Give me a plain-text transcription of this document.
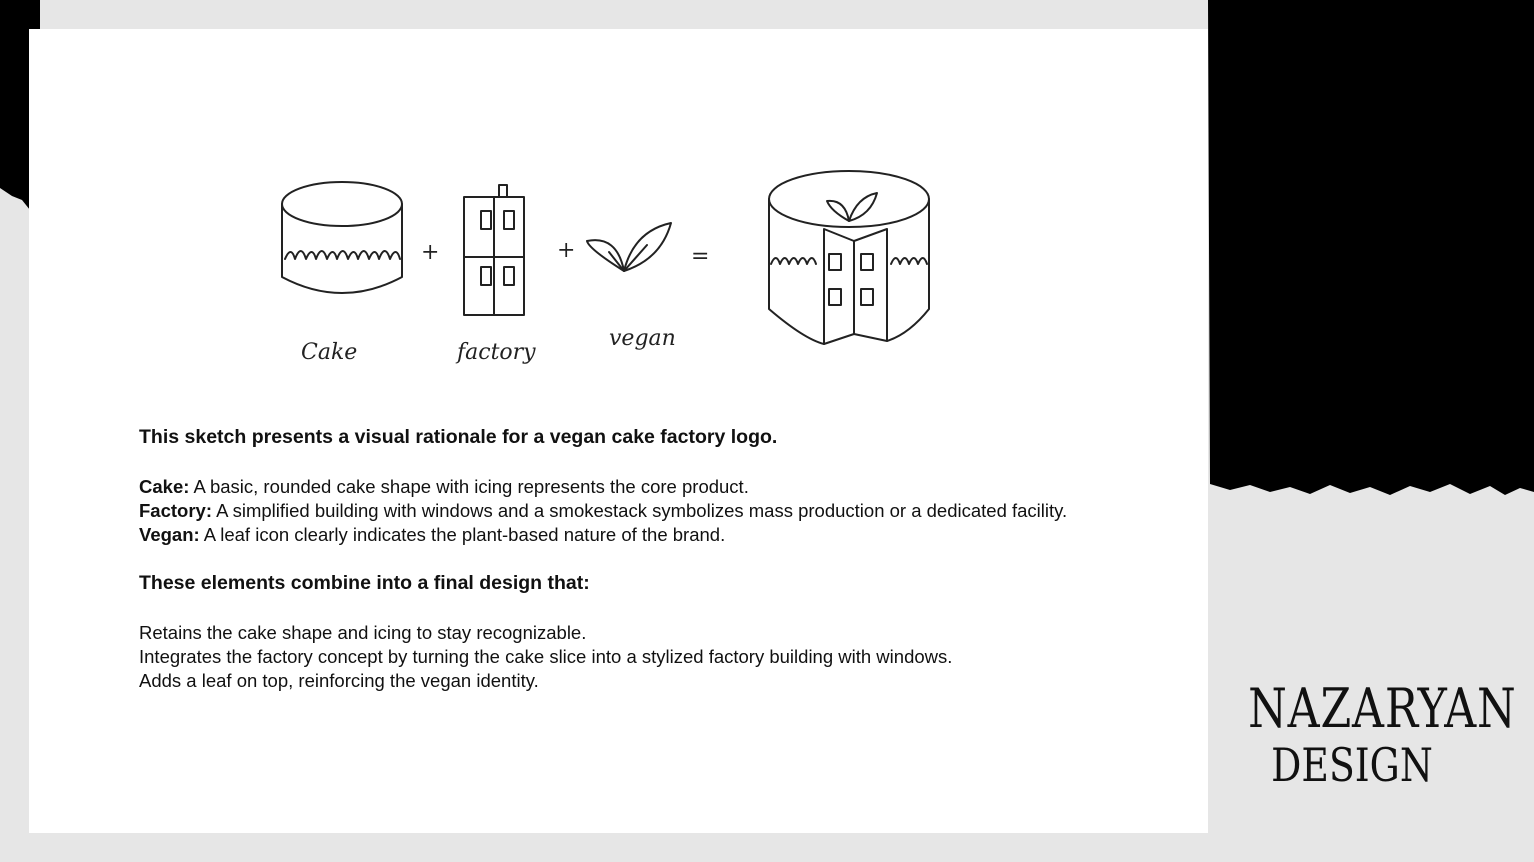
+	+	=
Cake	factory
vegan

This sketch presents a visual rationale for a vegan cake factory logo.

Cake: A basic, rounded cake shape with icing represents the core product.

Factory: A simplified building with windows and a smokestack symbolizes mass production or a dedicated facility.

Vegan: A leaf icon clearly indicates the plant-based nature of the brand.

These elements combine into a final design that:

Retains the cake shape and icing to stay recognizable.

Integrates the factory concept by turning the cake slice into a stylized factory building with windows.

Adds a leaf on top, reinforcing the vegan identity.	NAZARYAN
DESIGN
